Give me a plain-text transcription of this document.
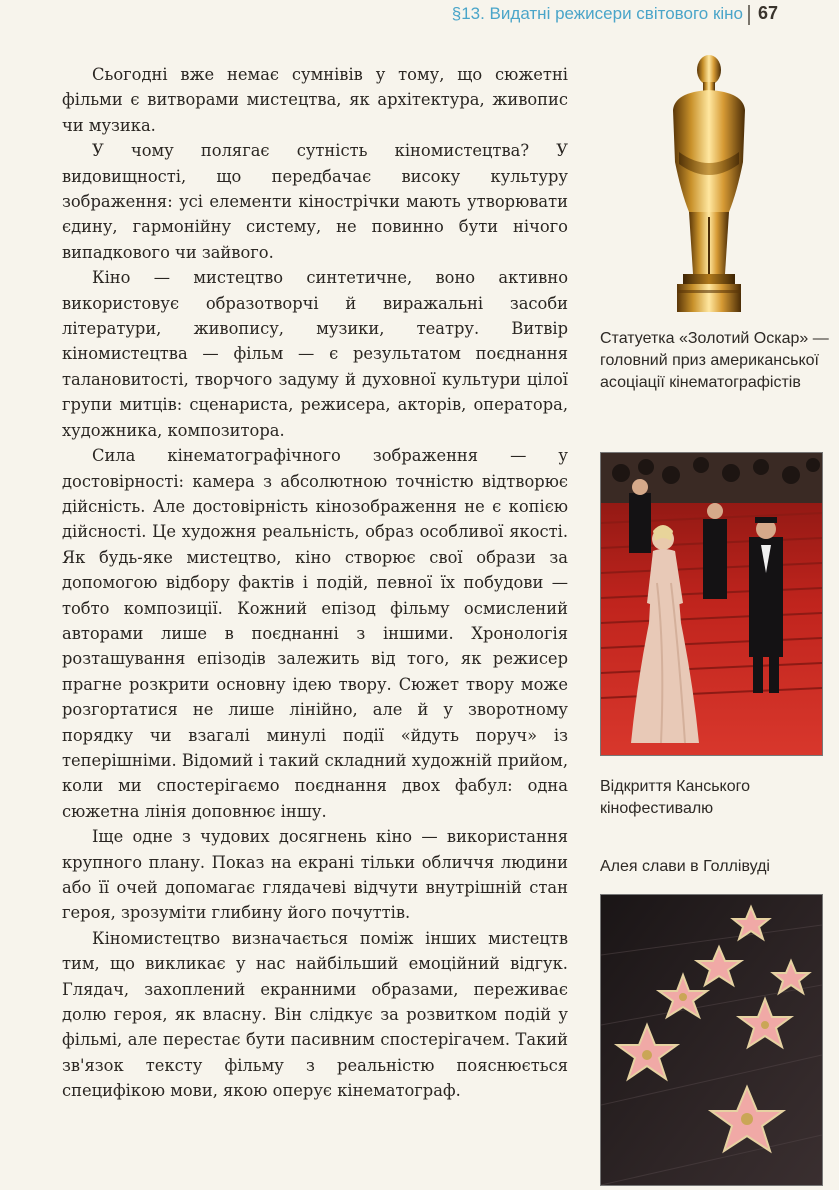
§13. Видатні режисери світового кіно 67

Сьогодні вже немає сумнівів у тому, що сюжетні фільми є витворами мистецтва, як архітектура, живопис чи музика.

У чому полягає сутність кіномистецтва? У видовищності, що передбачає високу культуру зображення: усі елементи кінострічки мають утворювати єдину, гармонійну систему, не повинно бути нічого випадкового чи зайвого.

Кіно — мистецтво синтетичне, воно активно використовує образотворчі й виражальні засоби літератури, живопису, музики, театру. Витвір кіномистецтва — фільм — є результатом поєднання талановитості, творчого задуму й духовної культури цілої групи митців: сценариста, режисера, акторів, оператора, художника, композитора.

Сила кінематографічного зображення — у достовірності: камера з абсолютною точністю відтворює дійсність. Але достовірність кінозображення не є копією дійсності. Це художня реальність, образ особливої якості. Як будь-яке мистецтво, кіно створює свої образи за допомогою відбору фактів і подій, певної їх побудови — тобто композиції. Кожний епізод фільму осмислений авторами лише в поєднанні з іншими. Хронологія розташування епізодів залежить від того, як режисер прагне розкрити основну ідею твору. Сюжет твору може розгортатися не лише лінійно, але й у зворотному порядку чи взагалі минулі події «йдуть поруч» із теперішніми. Відомий і такий складний художній прийом, коли ми спостерігаємо поєднання двох фабул: одна сюжетна лінія доповнює іншу.

Іще одне з чудових досягнень кіно — використання крупного плану. Показ на екрані тільки обличчя людини або її очей допомагає глядачеві відчути внутрішній стан героя, зрозуміти глибину його почуттів.

Кіномистецтво визначається поміж інших мистецтв тим, що викликає у нас найбільший емоційний відгук. Глядач, захоплений екранними образами, переживає долю героя, як власну. Він слідкує за розвитком подій у фільмі, але перестає бути пасивним спостерігачем. Такий зв'язок тексту фільму з реальністю пояснюється специфікою мови, якою оперує кінематограф.

Статуетка «Золотий Оскар» — головний приз американської асоціації кінематографістів
Відкриття Канського кінофестивалю
Алея слави в Голлівуді
